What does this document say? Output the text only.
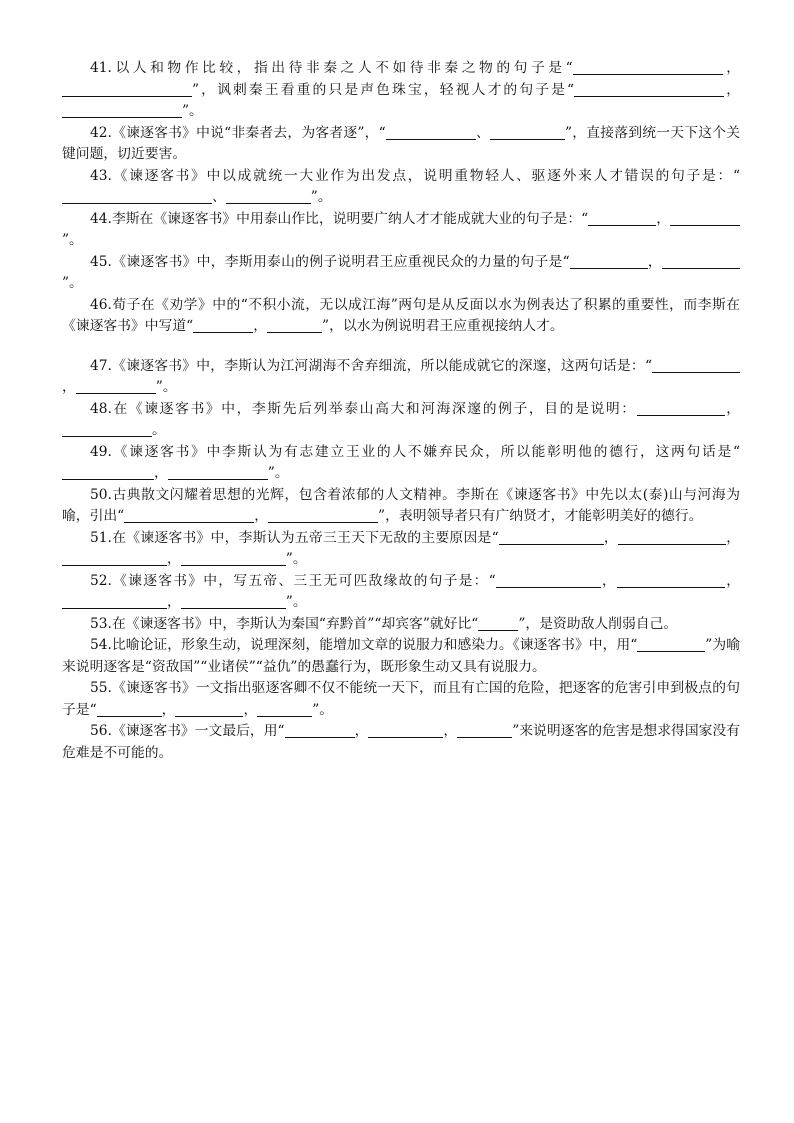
41.以人和物作比较，指出待非秦之人不如待非秦之物的句子是“	，”，讽刺秦王看重的只是声色珠宝，轻视人才的句子是“	，”。

42.《谏逐客书》中说“非秦者去，为客者逐”，“	、	”，直接落到统一天下这个关键问题，切近要害。

43.《谏逐客书》中以成就统一大业作为出发点，说明重物轻人、驱逐外来人才错误的句子是：“、	”。

44.李斯在《谏逐客书》中用泰山作比，说明要广纳人才才能成就大业的句子是：“	，”。

45.《谏逐客书》中，李斯用泰山的例子说明君王应重视民众的力量的句子是“	，”。

46.荀子在《劝学》中的“不积小流，无以成江海”两句是从反面以水为例表达了积累的重要性，而李斯在《谏逐客书》中写道“	，	”，以水为例说明君王应重视接纳人才。

47.《谏逐客书》中，李斯认为江河湖海不舍弃细流，所以能成就它的深邃，这两句话是：“，	”。

48.在《谏逐客书》中，李斯先后列举泰山高大和河海深邃的例子，目的是说明：	，。

49.《谏逐客书》中李斯认为有志建立王业的人不嫌弃民众，所以能彰明他的德行，这两句话是“，	”。

50.古典散文闪耀着思想的光辉，包含着浓郁的人文精神。李斯在《谏逐客书》中先以太(泰)山与河海为喻，引出“	，	”，表明领导者只有广纳贤才，才能彰明美好的德行。

51.在《谏逐客书》中，李斯认为五帝三王天下无敌的主要原因是“	，	，，	”。

52.《谏逐客书》中，写五帝、三王无可匹敌缘故的句子是：“	，	，，	”。

53.在《谏逐客书》中，李斯认为秦国“弃黔首”“却宾客”就好比“	”，是资助敌人削弱自己。

54.比喻论证，形象生动，说理深刻，能增加文章的说服力和感染力。《谏逐客书》中，用“	”为喻来说明逐客是“资敌国”“业诸侯”“益仇”的愚蠢行为，既形象生动又具有说服力。

55.《谏逐客书》一文指出驱逐客卿不仅不能统一天下，而且有亡国的危险，把逐客的危害引申到极点的句子是“	，	，	”。

56.《谏逐客书》一文最后，用“	，	，	”来说明逐客的危害是想求得国家没有危难是不可能的。
